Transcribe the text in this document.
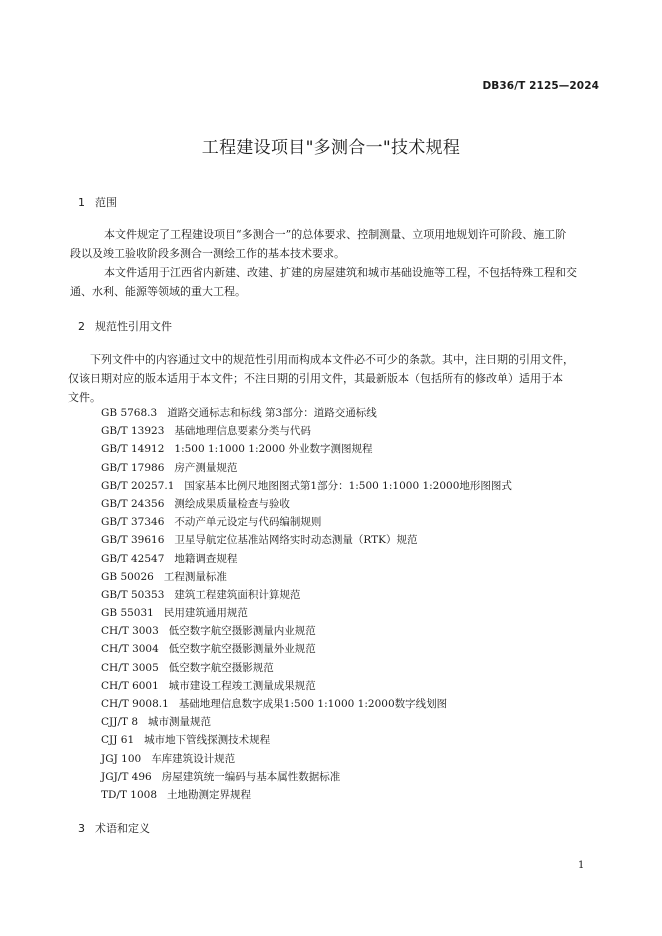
DB36/T 2125—2024
工程建设项目"多测合一"技术规程
1 范围
本文件规定了工程建设项目“多测合一”的总体要求、控制测量、立项用地规划许可阶段、施工阶
段以及竣工验收阶段多测合一测绘工作的基本技术要求。
本文件适用于江西省内新建、改建、扩建的房屋建筑和城市基础设施等工程，不包括特殊工程和交
通、水利、能源等领域的重大工程。
2 规范性引用文件
下列文件中的内容通过文中的规范性引用而构成本文件必不可少的条款。其中，注日期的引用文件，
仅该日期对应的版本适用于本文件；不注日期的引用文件，其最新版本（包括所有的修改单）适用于本
文件。
GB 5768.3 道路交通标志和标线 第3部分：道路交通标线
GB/T 13923 基础地理信息要素分类与代码
GB/T 14912 1:500 1:1000 1:2000 外业数字测图规程
GB/T 17986 房产测量规范
GB/T 20257.1 国家基本比例尺地图图式第1部分：1:500 1:1000 1:2000地形图图式
GB/T 24356 测绘成果质量检查与验收
GB/T 37346 不动产单元设定与代码编制规则
GB/T 39616 卫星导航定位基准站网络实时动态测量（RTK）规范
GB/T 42547 地籍调查规程
GB 50026 工程测量标准
GB/T 50353 建筑工程建筑面积计算规范
GB 55031 民用建筑通用规范
CH/T 3003 低空数字航空摄影测量内业规范
CH/T 3004 低空数字航空摄影测量外业规范
CH/T 3005 低空数字航空摄影规范
CH/T 6001 城市建设工程竣工测量成果规范
CH/T 9008.1 基础地理信息数字成果1:500 1:1000 1:2000数字线划图
CJJ/T 8 城市测量规范
CJJ 61 城市地下管线探测技术规程
JGJ 100 车库建筑设计规范
JGJ/T 496 房屋建筑统一编码与基本属性数据标准
TD/T 1008 土地勘测定界规程
3 术语和定义
1
